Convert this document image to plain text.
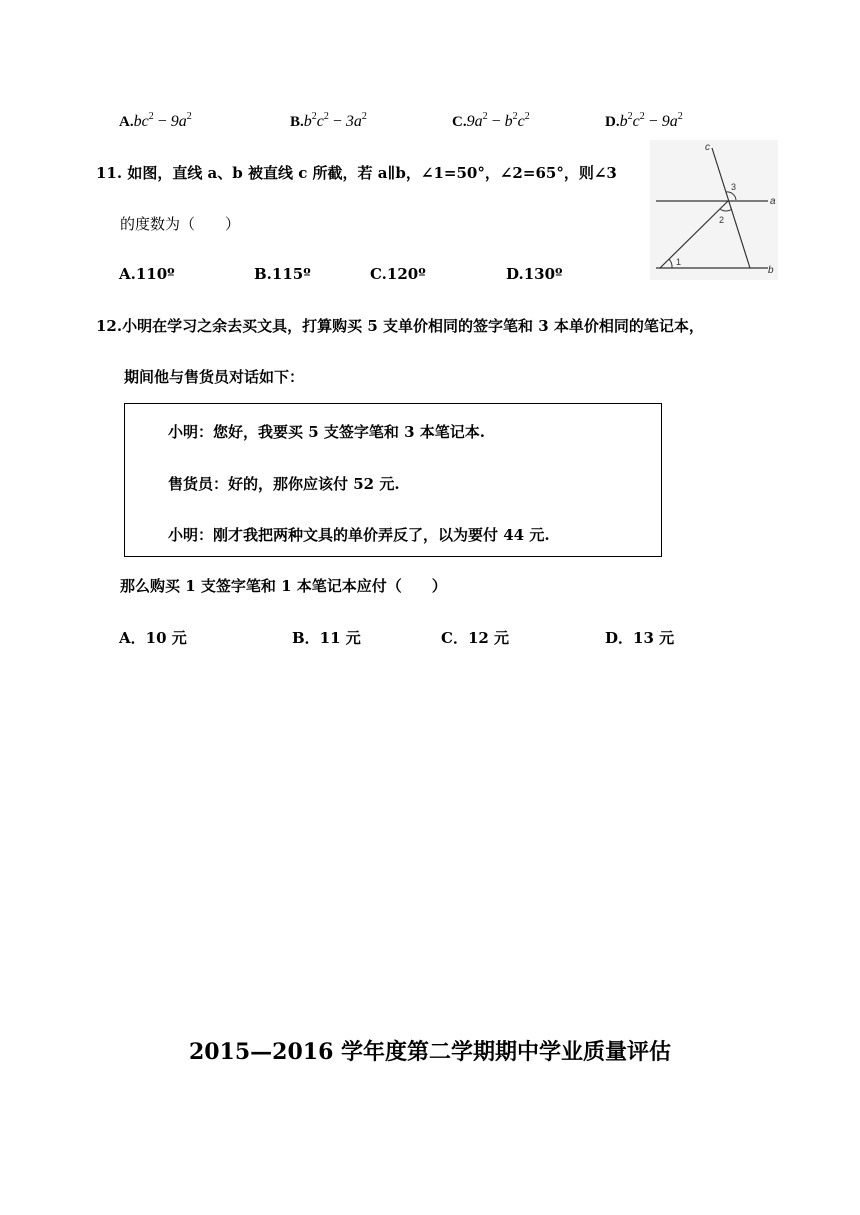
$A.bc^2 - 9a^2$	$B.b^2c^2 - 3a^2$	$C.9a^2 - b^2c^2$	$D.b^2c^2 - 9a^2$
11. 如图，直线 a、b 被直线 c 所截，若 a∥b，∠1=50°，∠2=65°，则∠3
的度数为（　　）
A.110º	B.115º	C.120º	D.130º
c
a
b
1
2
3
12.小明在学习之余去买文具，打算购买 5 支单价相同的签字笔和 3 本单价相同的笔记本，
期间他与售货员对话如下：
小明：您好，我要买 5 支签字笔和 3 本笔记本.
售货员：好的，那你应该付 52 元.
小明：刚才我把两种文具的单价弄反了，以为要付 44 元.
那么购买 1 支签字笔和 1 本笔记本应付（　　）
A．10 元	B．11 元	C．12 元	D．13 元
2015—2016 学年度第二学期期中学业质量评估
